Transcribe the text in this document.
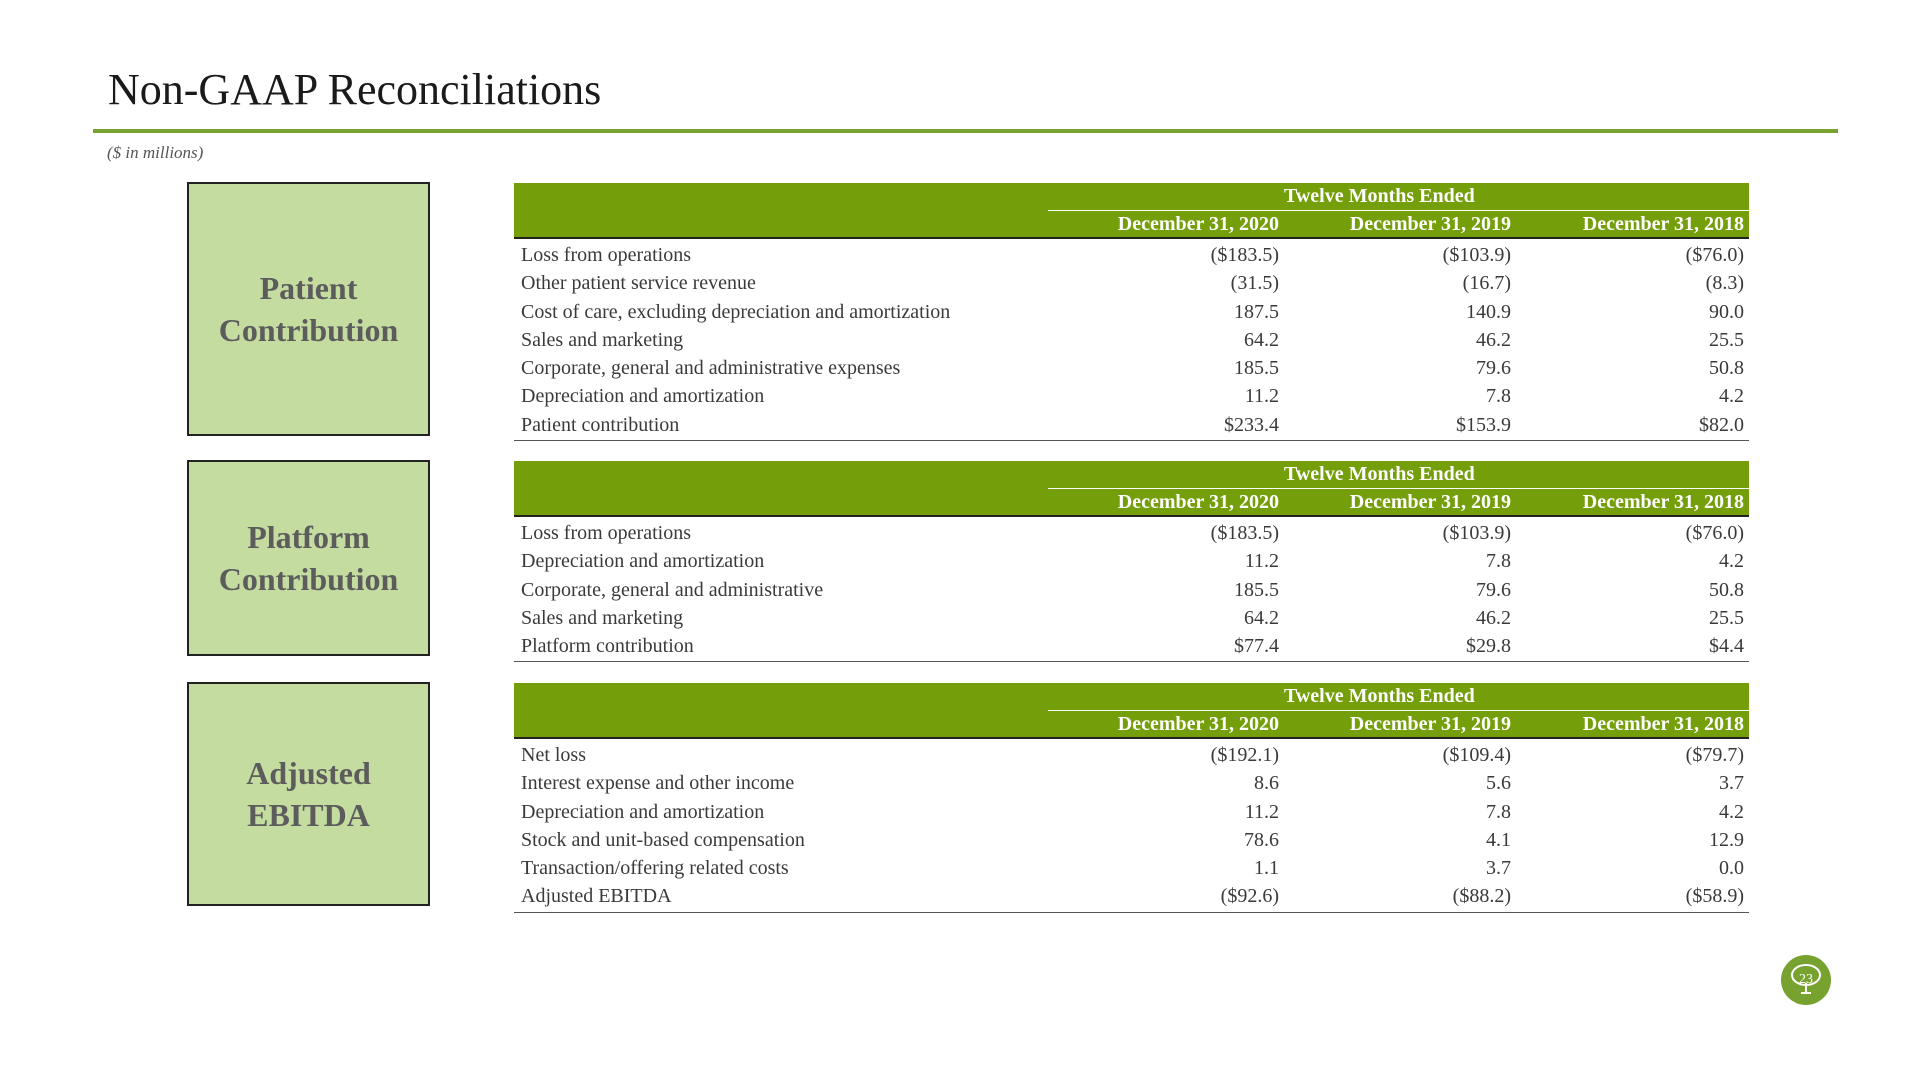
Non-GAAP Reconciliations
($ in millions)
Patient
Contribution
Twelve Months Ended
December 31, 2020	December 31, 2019	December 31, 2018
Loss from operations	($183.5)	($103.9)	($76.0)
Other patient service revenue	(31.5)	(16.7)	(8.3)
Cost of care, excluding depreciation and amortization	187.5	140.9	90.0
Sales and marketing	64.2	46.2	25.5
Corporate, general and administrative expenses	185.5	79.6	50.8
Depreciation and amortization	11.2	7.8	4.2
Patient contribution	$233.4	$153.9	$82.0
Platform
Contribution
Twelve Months Ended
December 31, 2020	December 31, 2019	December 31, 2018
Loss from operations	($183.5)	($103.9)	($76.0)
Depreciation and amortization	11.2	7.8	4.2
Corporate, general and administrative	185.5	79.6	50.8
Sales and marketing	64.2	46.2	25.5
Platform contribution	$77.4	$29.8	$4.4
Adjusted
EBITDA
Twelve Months Ended
December 31, 2020	December 31, 2019	December 31, 2018
Net loss	($192.1)	($109.4)	($79.7)
Interest expense and other income	8.6	5.6	3.7
Depreciation and amortization	11.2	7.8	4.2
Stock and unit-based compensation	78.6	4.1	12.9
Transaction/offering related costs	1.1	3.7	0.0
Adjusted EBITDA	($92.6)	($88.2)	($58.9)
23
